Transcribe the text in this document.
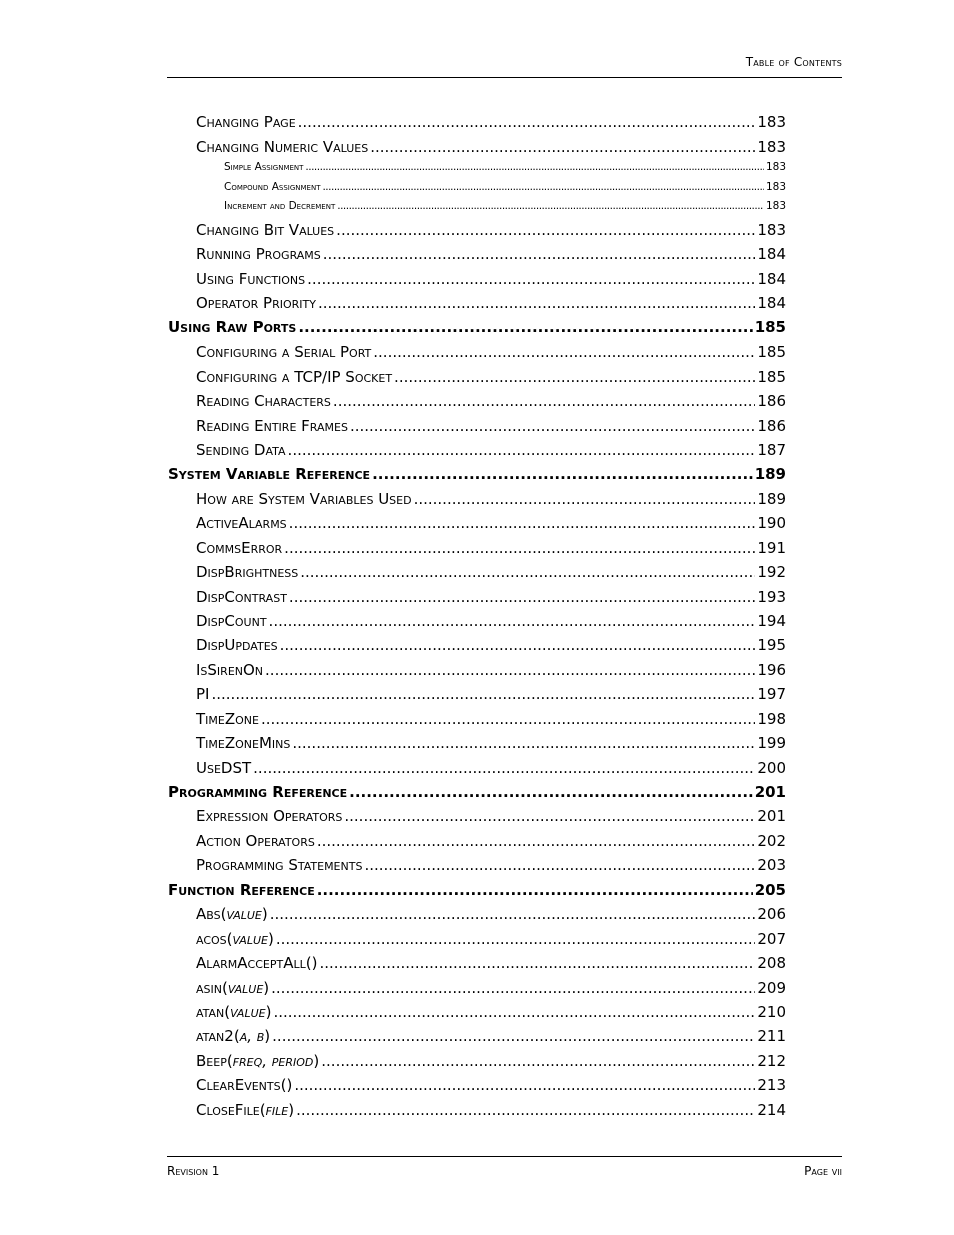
Table of Contents
Changing Page .....	183
Changing Numeric Values .....	183
Simple Assignment .....	183
Compound Assignment .....	183
Increment and Decrement .....	183
Changing Bit Values .....	183
Running Programs .....	184
Using Functions .....	184
Operator Priority .....	184
Using Raw Ports .....	185
Configuring a Serial Port .....	185
Configuring a TCP/IP Socket .....	185
Reading Characters .....	186
Reading Entire Frames .....	186
Sending Data .....	187
System Variable Reference .....	189
How are System Variables Used .....	189
ActiveAlarms .....	190
CommsError .....	191
DispBrightness .....	192
DispContrast .....	193
DispCount .....	194
DispUpdates .....	195
IsSirenOn .....	196
PI .....	197
TimeZone .....	198
TimeZoneMins .....	199
UseDST .....	200
Programming Reference .....	201
Expression Operators .....	201
Action Operators .....	202
Programming Statements .....	203
Function Reference .....	205
Abs(value) .....	206
acos(value) .....	207
AlarmAcceptAll() .....	208
asin(value) .....	209
atan(value) .....	210
atan2(a, b) .....	211
Beep(freq, period) .....	212
ClearEvents() .....	213
CloseFile(file) .....	214
Revision 1	Page vii
